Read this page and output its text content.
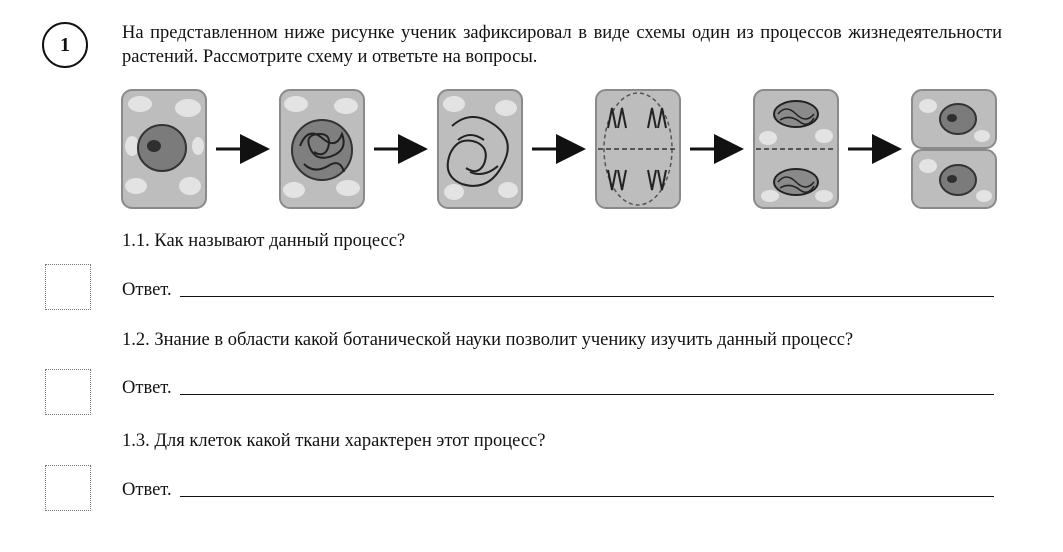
1

На представленном ниже рисунке ученик зафиксировал в виде схемы один из процессов жизнедеятельности растений. Рассмотрите схему и ответьте на вопросы.

1.1. Как называют данный процесс?

Ответ.

1.2. Знание в области какой ботанической науки позволит ученику изучить данный процесс?

Ответ.

1.3. Для клеток какой ткани характерен этот процесс?

Ответ.
